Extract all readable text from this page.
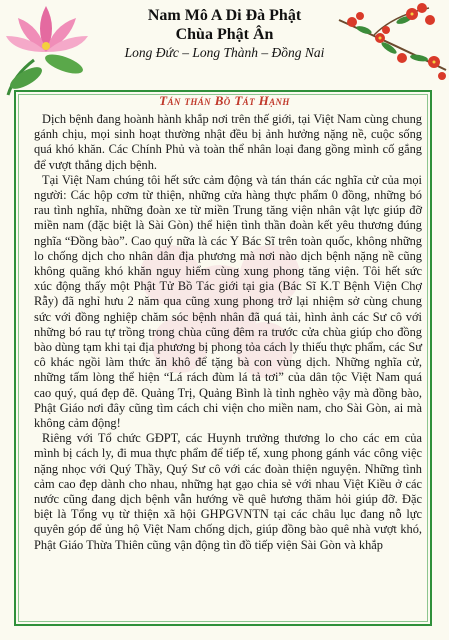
Nam Mô A Di Đà Phật
Chùa Phật Ân
Long Đức – Long Thành – Đồng Nai
Tán thán Bồ Tát Hạnh

Dịch bệnh đang hoành hành khắp nơi trên thế giới, tại Việt Nam cùng chung gánh chịu, mọi sinh hoạt thường nhật đều bị ảnh hưởng nặng nề, cuộc sống quá khó khăn. Các Chính Phủ và toàn thể nhân loại đang gồng mình cố gắng để vượt thắng dịch bệnh.

Tại Việt Nam chúng tôi hết sức cảm động và tán thán các nghĩa cử của mọi người: Các hộp cơm từ thiện, những cửa hàng thực phẩm 0 đồng, những bó rau tình nghĩa, những đoàn xe từ miền Trung tăng viện nhân vật lực giúp đỡ miền nam (đặc biệt là Sài Gòn) thể hiện tình thần đoàn kết yêu thương đúng nghĩa “Đồng bào”. Cao quý nữa là các Y Bác Sĩ trên toàn quốc, không những lo chống dịch cho nhân dân địa phương mà nơi nào dịch bệnh nặng nề cũng không quãng khó khăn nguy hiểm cùng xung phong tăng viện. Tôi hết sức xúc động thấy một Phật Tử Bồ Tác giới tại gia (Bác Sĩ K.T Bệnh Viện Chợ Rẫy) đã nghỉ hưu 2 năm qua cũng xung phong trở lại nhiệm sở cùng chung sức với đồng nghiệp chăm sóc bệnh nhân đã quá tải, hình ảnh các Sư cô với những bó rau tự trồng trong chùa cũng đêm ra trước cửa chùa giúp cho đồng bào dùng tạm khi tại địa phương bị phong tỏa cách ly thiếu thực phẩm, các Sư cô khác ngồi làm thức ăn khô để tặng bà con vùng dịch. Những nghĩa cử, những tấm lòng thể hiện “Lá rách đùm lá tả tơi” của dân tộc Việt Nam quá cao quý, quá đẹp đẽ. Quảng Trị, Quảng Bình là tỉnh nghèo vậy mà đồng bào, Phật Giáo nơi đây cũng tìm cách chi viện cho miền nam, cho Sài Gòn, ai mà không cảm động!

Riêng với Tổ chức GĐPT, các Huynh trưởng thương lo cho các em của mình bị cách ly, đi mua thực phẩm để tiếp tế, xung phong gánh vác công việc nặng nhọc với Quý Thầy, Quý Sư cô với các đoàn thiện nguyện. Những tình cảm cao đẹp dành cho nhau, những hạt gạo chia sẻ với nhau Việt Kiều ở các nước cũng đang dịch bệnh vẫn hướng về quê hương thăm hỏi giúp đỡ. Đặc biệt là Tổng vụ từ thiện xã hội GHPGVNTN tại các châu lục đang nỗ lực quyên góp để ủng hộ Việt Nam chống dịch, giúp đồng bào quê nhà vượt khó, Phật Giáo Thừa Thiên cũng vận động tìn đồ tiếp viện Sài Gòn và khắp
